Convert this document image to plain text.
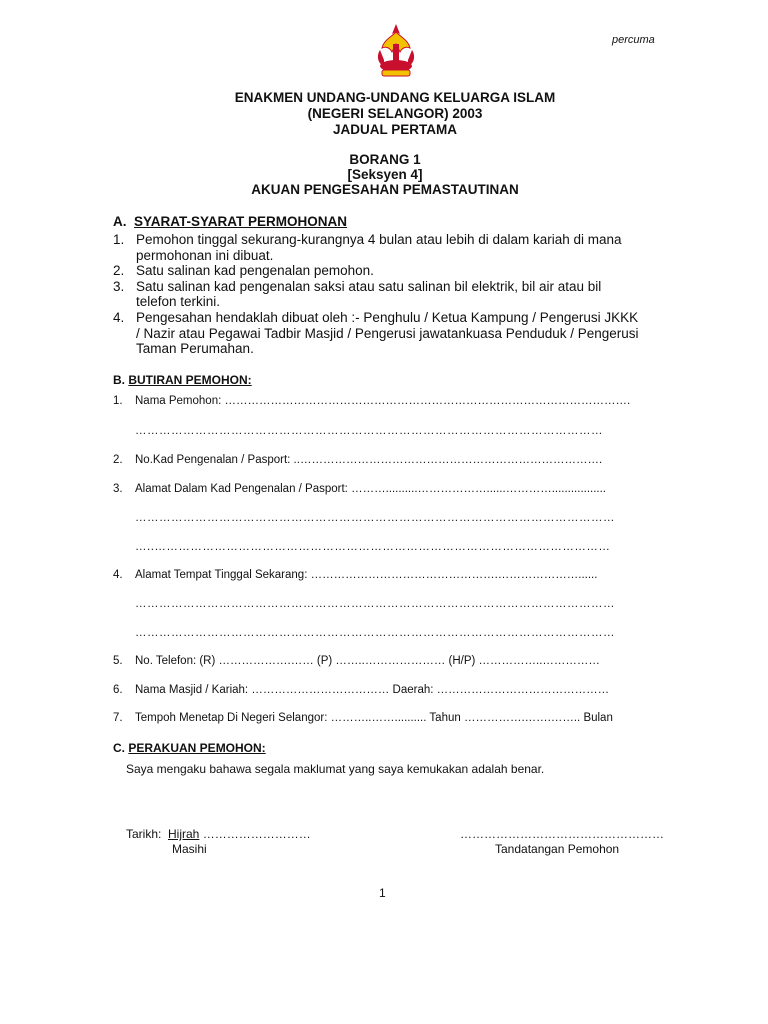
percuma
ENAKMEN UNDANG-UNDANG KELUARGA ISLAM
(NEGERI SELANGOR) 2003
JADUAL PERTAMA
BORANG 1
[Seksyen 4]
AKUAN PENGESAHAN PEMASTAUTINAN
A. SYARAT-SYARAT PERMOHONAN
1. Pemohon tinggal sekurang-kurangnya 4 bulan atau lebih di dalam kariah di mana
permohonan ini dibuat.
2. Satu salinan kad pengenalan pemohon.
3. Satu salinan kad pengenalan saksi atau satu salinan bil elektrik, bil air atau bil
telefon terkini.
4. Pengesahan hendaklah dibuat oleh :- Penghulu / Ketua Kampung / Pengerusi JKKK
/ Nazir atau Pegawai Tadbir Masjid / Pengerusi jawatankuasa Penduduk / Pengerusi
Taman Perumahan.
B. BUTIRAN PEMOHON:
1. Nama Pemohon: …………………………………………………………………………………………….
………………………………………………………………………………………………………
2. No.Kad Pengenalan / Pasport: ..…………………………………………………………………….
3. Alamat Dalam Kad Pengenalan / Pasport: ………..........………………......………….................
…………………………………………………………………………………………………………
…..……………………………………………………………………………………………………
4. Alamat Tempat Tinggal Sekarang: ………………………………………….…………………......
…………………………………………………………………………………………………………
…………………………………………………………………………………………………………
5. No. Telefon: (R) ……………….…… (P) ……..………………… (H/P) ……………..……………
6. Nama Masjid / Kariah: ……………………………… Daerah: ………………………………………
7. Tempoh Menetap Di Negeri Selangor: ………..…….......... Tahun …………….…….…….. Bulan
C. PERAKUAN PEMOHON:
Saya mengaku bahawa segala maklumat yang saya kemukakan adalah benar.
Tarikh: Hijrah ………………………
Masihi
……………………………………………
Tandatangan Pemohon
1
